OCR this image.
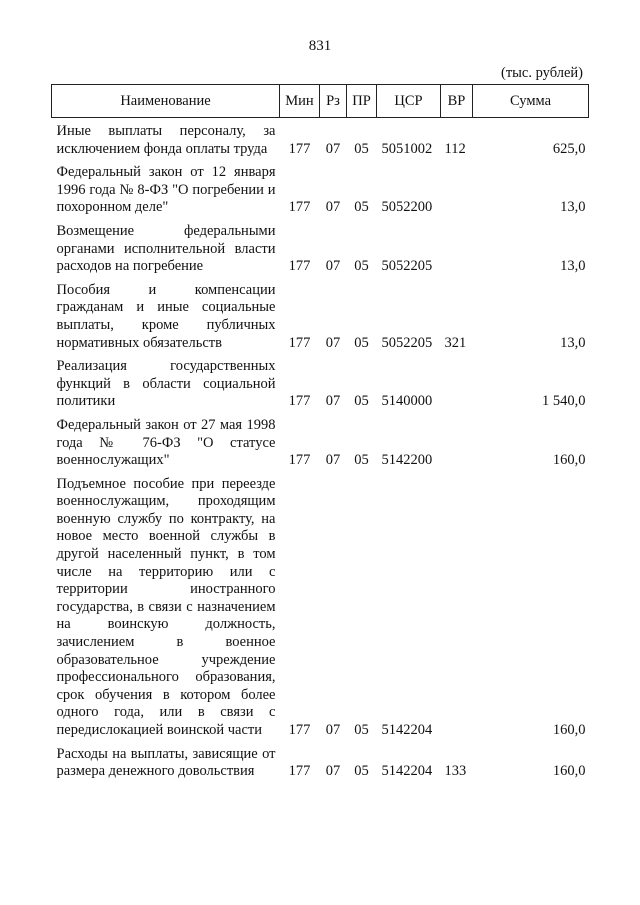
831
(тыс. рублей)
Наименование	Мин	Рз	ПР	ЦСР	ВР	Сумма
Иные выплаты персоналу, за исключением фонда оплаты труда	177	07	05	5051002	112	625,0
Федеральный закон от 12 января 1996 года № 8-ФЗ "О погребении и похоронном деле"	177	07	05	5052200		13,0
Возмещение федеральными органами исполнительной власти расходов на погребение	177	07	05	5052205		13,0
Пособия и компенсации гражданам и иные социальные выплаты, кроме публичных нормативных обязательств	177	07	05	5052205	321	13,0
Реализация государственных функций в области социальной политики	177	07	05	5140000		1 540,0
Федеральный закон от 27 мая 1998 года № 76-ФЗ "О статусе военнослужащих"	177	07	05	5142200		160,0
Подъемное пособие при переезде военнослужащим, проходящим военную службу по контракту, на новое место военной службы в другой населенный пункт, в том числе на территорию или с территории иностранного государства, в связи с назначением на воинскую должность, зачислением в военное образовательное учреждение профессионального образования, срок обучения в котором более одного года, или в связи с передислокацией воинской части	177	07	05	5142204		160,0
Расходы на выплаты, зависящие от размера денежного довольствия	177	07	05	5142204	133	160,0
